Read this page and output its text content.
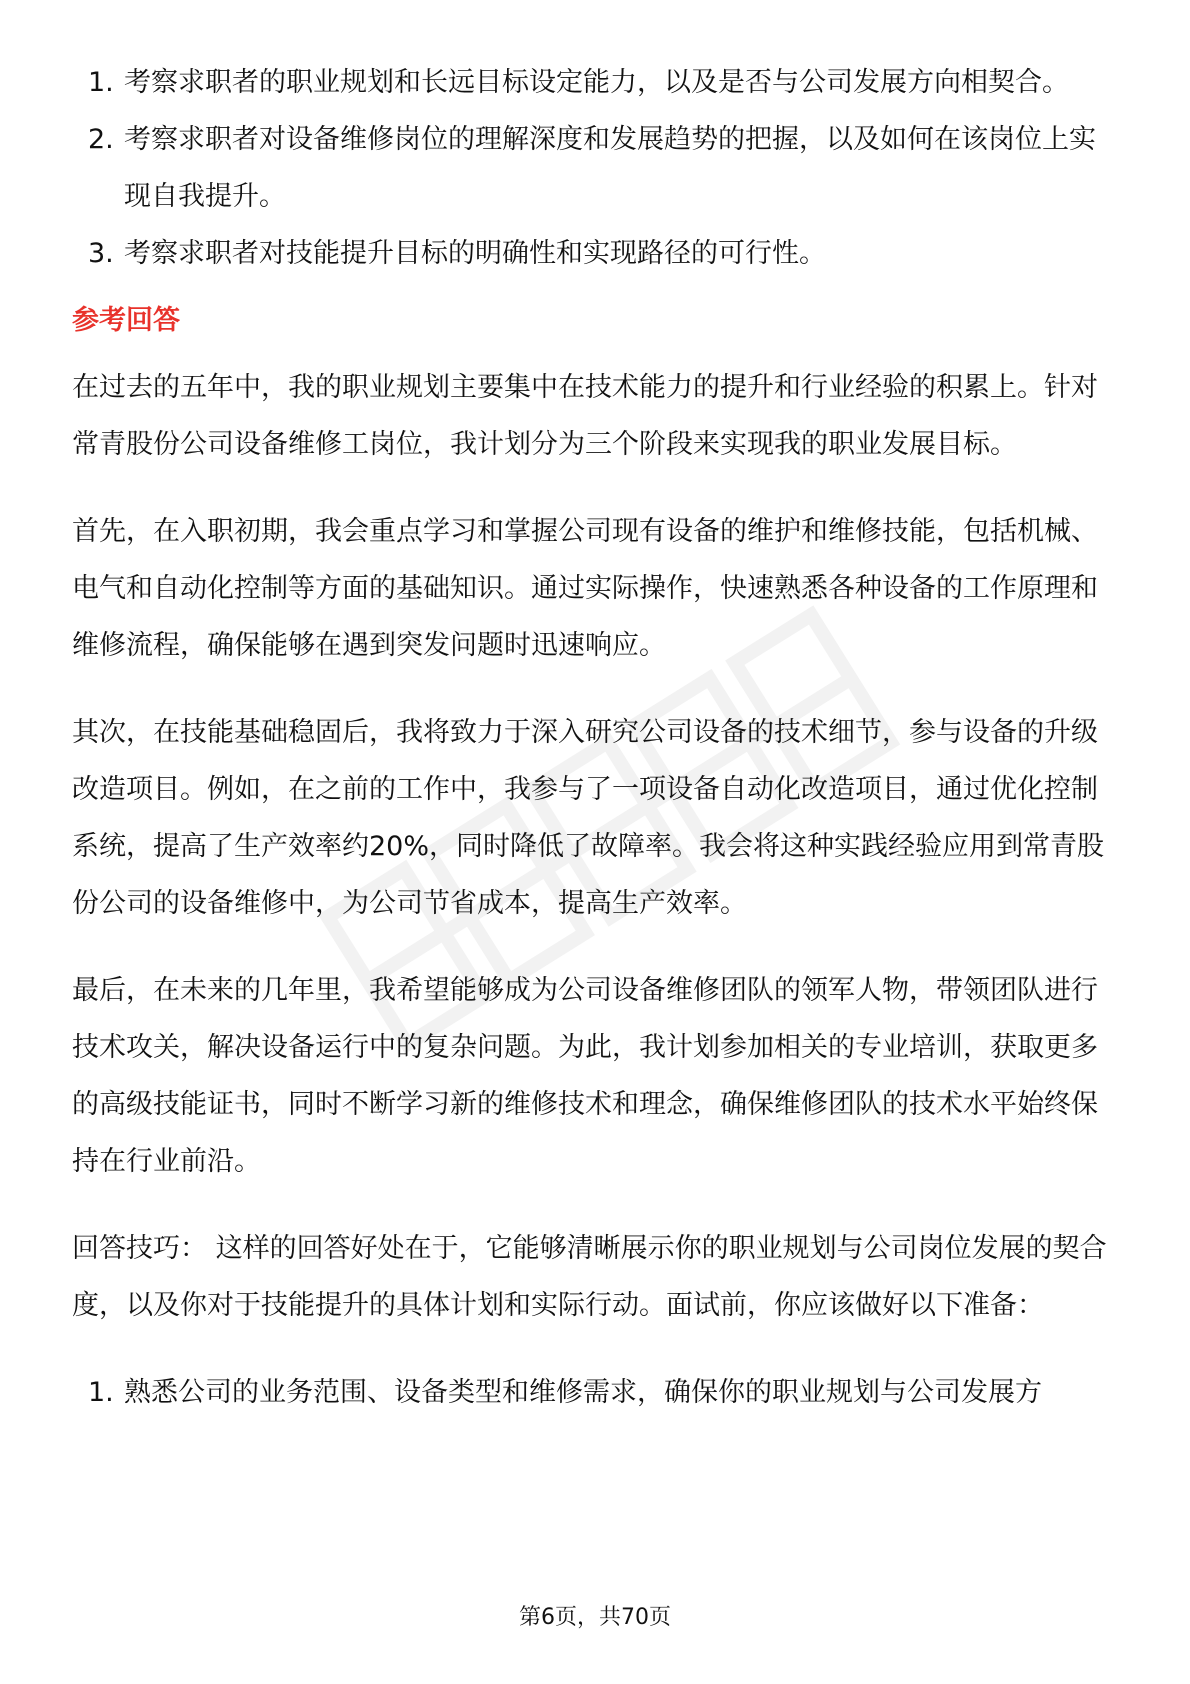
1. 考察求职者的职业规划和长远目标设定能力，以及是否与公司发展方向相契合。
2. 考察求职者对设备维修岗位的理解深度和发展趋势的把握，以及如何在该岗位上实现自我提升。
3. 考察求职者对技能提升目标的明确性和实现路径的可行性。
参考回答

在过去的五年中，我的职业规划主要集中在技术能力的提升和行业经验的积累上。针对常青股份公司设备维修工岗位，我计划分为三个阶段来实现我的职业发展目标。

首先，在入职初期，我会重点学习和掌握公司现有设备的维护和维修技能，包括机械、电气和自动化控制等方面的基础知识。通过实际操作，快速熟悉各种设备的工作原理和维修流程，确保能够在遇到突发问题时迅速响应。

其次，在技能基础稳固后，我将致力于深入研究公司设备的技术细节，参与设备的升级改造项目。例如，在之前的工作中，我参与了一项设备自动化改造项目，通过优化控制系统，提高了生产效率约20%，同时降低了故障率。我会将这种实践经验应用到常青股份公司的设备维修中，为公司节省成本，提高生产效率。

最后，在未来的几年里，我希望能够成为公司设备维修团队的领军人物，带领团队进行技术攻关，解决设备运行中的复杂问题。为此，我计划参加相关的专业培训，获取更多的高级技能证书，同时不断学习新的维修技术和理念，确保维修团队的技术水平始终保持在行业前沿。

回答技巧： 这样的回答好处在于，它能够清晰展示你的职业规划与公司岗位发展的契合度，以及你对于技能提升的具体计划和实际行动。面试前，你应该做好以下准备：

1. 熟悉公司的业务范围、设备类型和维修需求，确保你的职业规划与公司发展方
第6页，共70页
